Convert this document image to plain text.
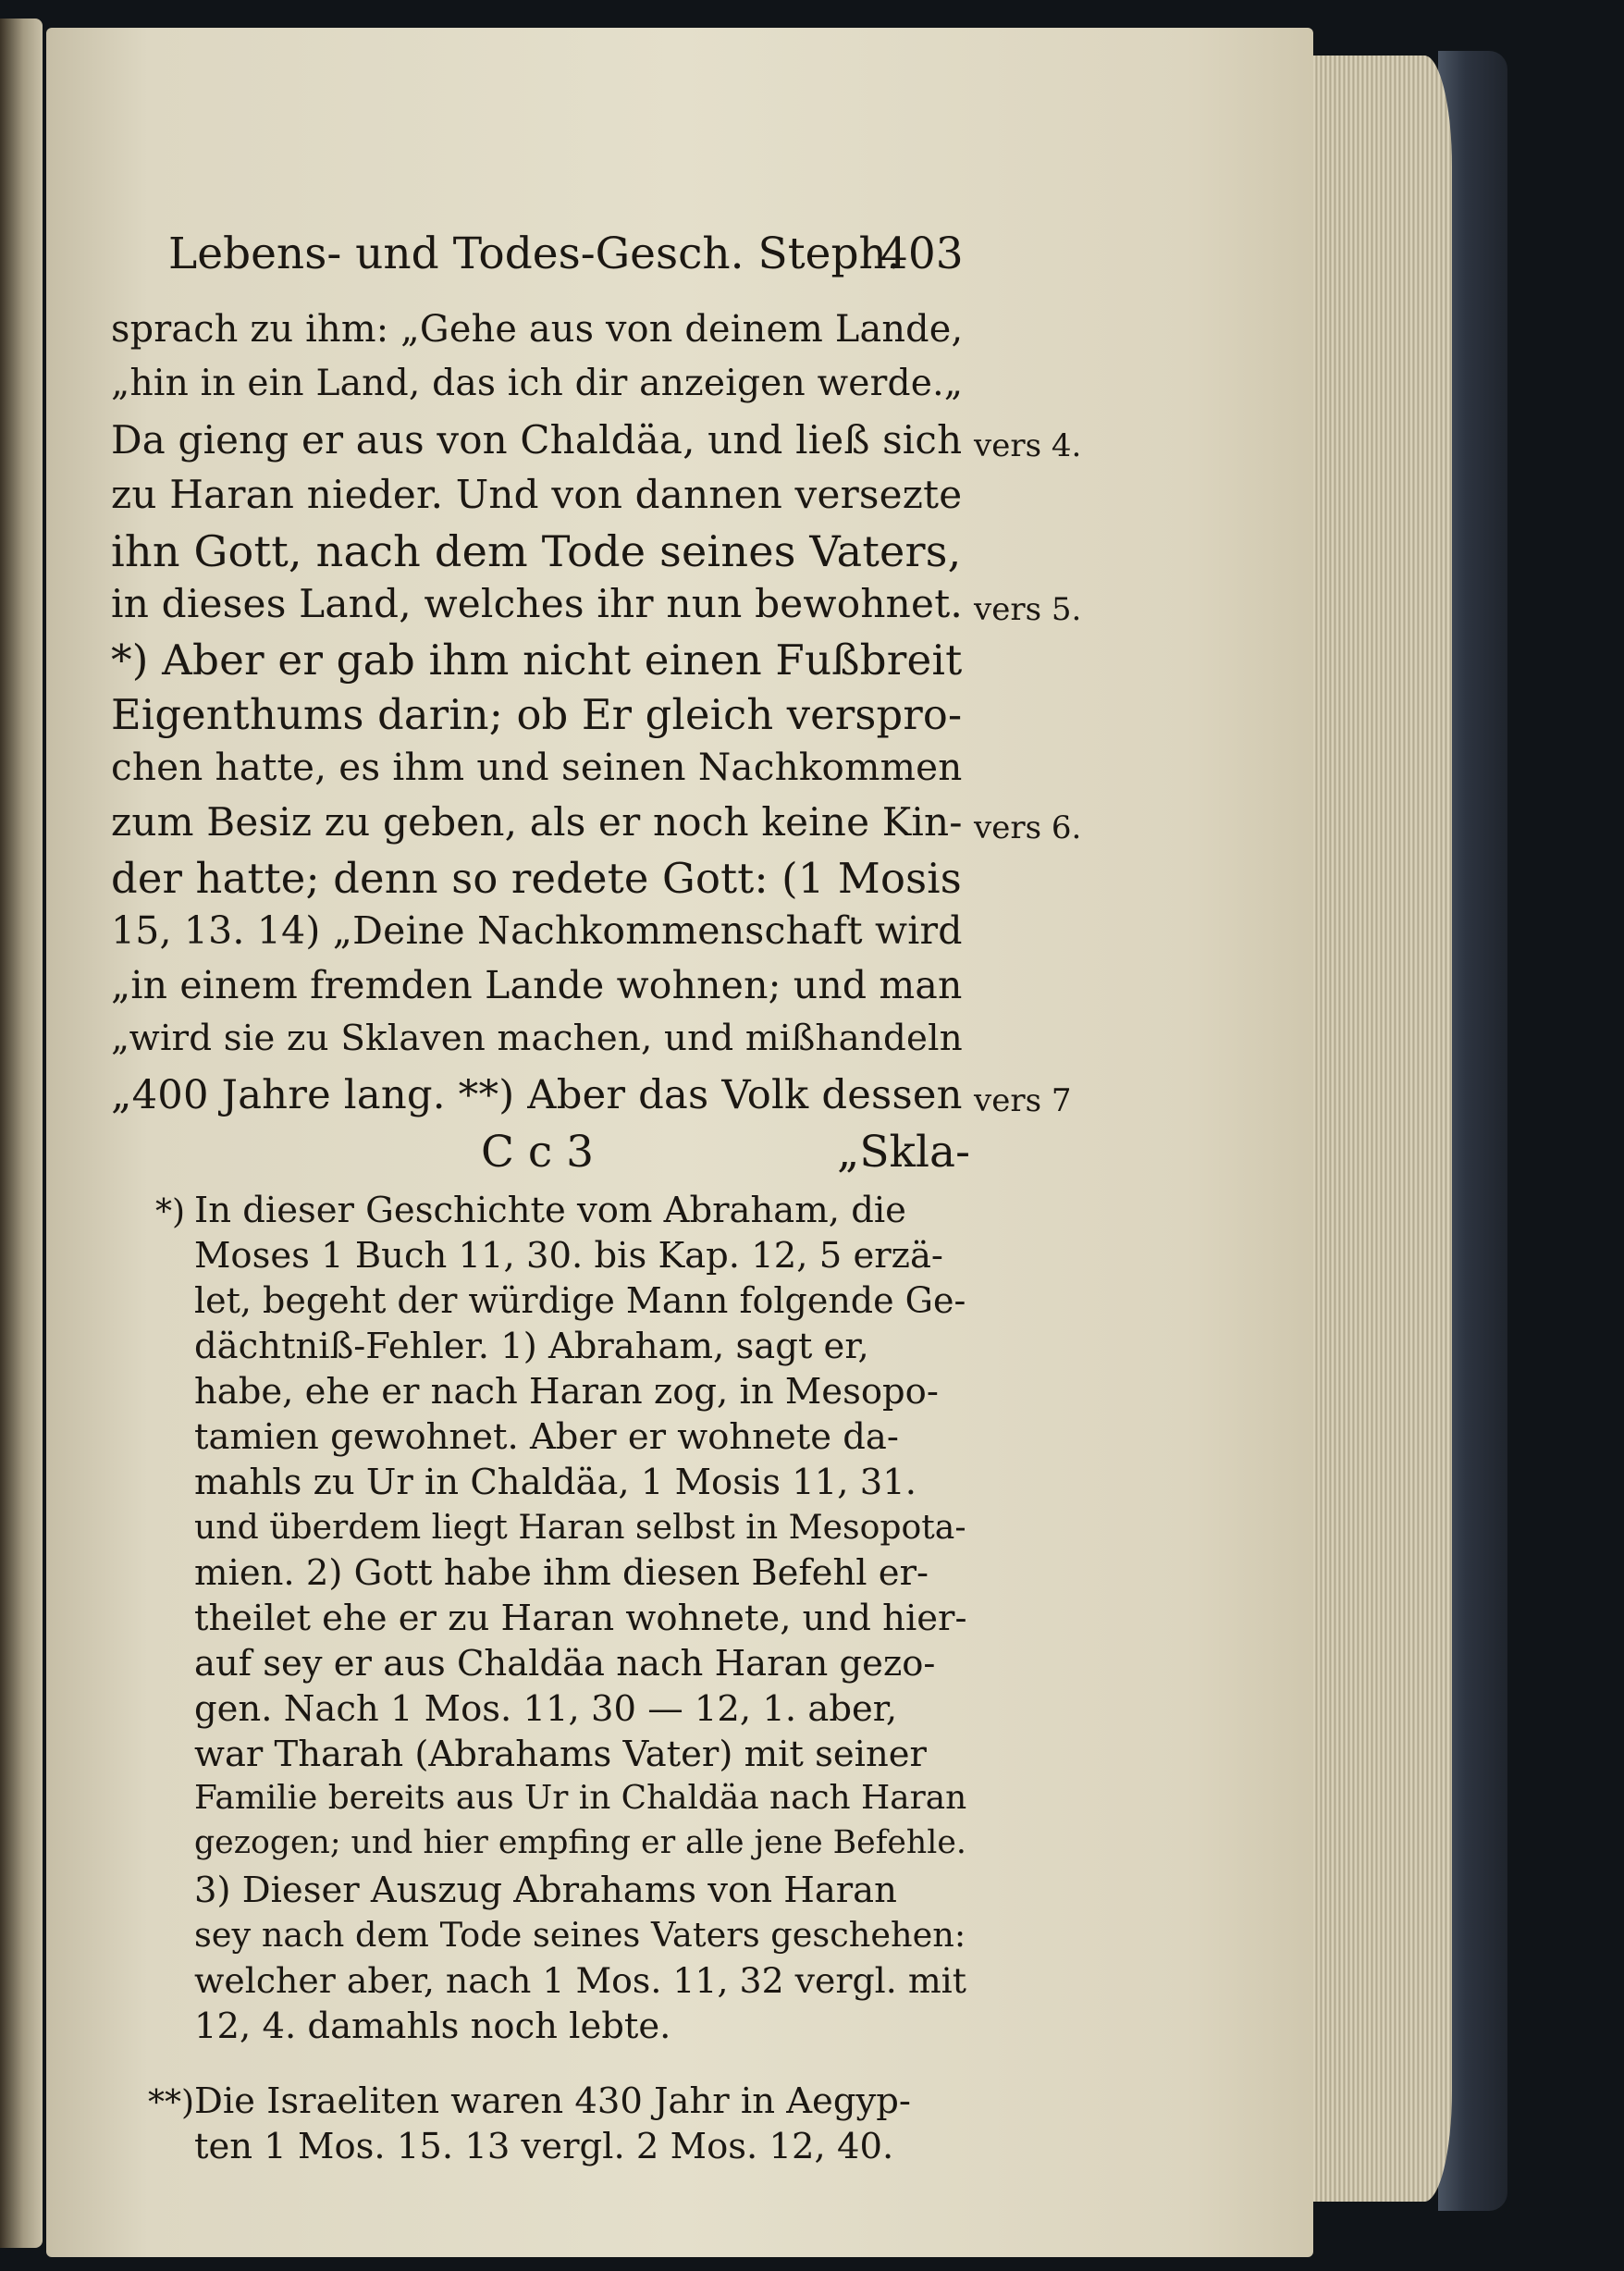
Lebens- und Todes-Gesch. Steph.
403
sprach zu ihm: „Gehe aus von deinem Lande,
„hin in ein Land, das ich dir anzeigen werde.„
Da gieng er aus von Chaldäa, und ließ sich
zu Haran nieder. Und von dannen versezte
ihn Gott, nach dem Tode seines Vaters,
in dieses Land, welches ihr nun bewohnet.
*) Aber er gab ihm nicht einen Fußbreit
Eigenthums darin; ob Er gleich verspro-
chen hatte, es ihm und seinen Nachkommen
zum Besiz zu geben, als er noch keine Kin-
der hatte; denn so redete Gott: (1 Mosis
15, 13. 14) „Deine Nachkommenschaft wird
„in einem fremden Lande wohnen; und man
„wird sie zu Sklaven machen, und mißhandeln
„400 Jahre lang. **) Aber das Volk dessen
vers 4.
vers 5.
vers 6.
vers 7
C c 3	„Skla-
*) In dieser Geschichte vom Abraham, die
Moses 1 Buch 11, 30. bis Kap. 12, 5 erzä-
let, begeht der würdige Mann folgende Ge-
dächtniß-Fehler. 1) Abraham, sagt er,
habe, ehe er nach Haran zog, in Mesopo-
tamien gewohnet. Aber er wohnete da-
mahls zu Ur in Chaldäa, 1 Mosis 11, 31.
und überdem liegt Haran selbst in Mesopota-
mien. 2) Gott habe ihm diesen Befehl er-
theilet ehe er zu Haran wohnete, und hier-
auf sey er aus Chaldäa nach Haran gezo-
gen. Nach 1 Mos. 11, 30 — 12, 1. aber,
war Tharah (Abrahams Vater) mit seiner
Familie bereits aus Ur in Chaldäa nach Haran
gezogen; und hier empfing er alle jene Befehle.
3) Dieser Auszug Abrahams von Haran
sey nach dem Tode seines Vaters geschehen:
welcher aber, nach 1 Mos. 11, 32 vergl. mit
12, 4. damahls noch lebte.
**) Die Israeliten waren 430 Jahr in Aegyp-
ten 1 Mos. 15. 13 vergl. 2 Mos. 12, 40.
